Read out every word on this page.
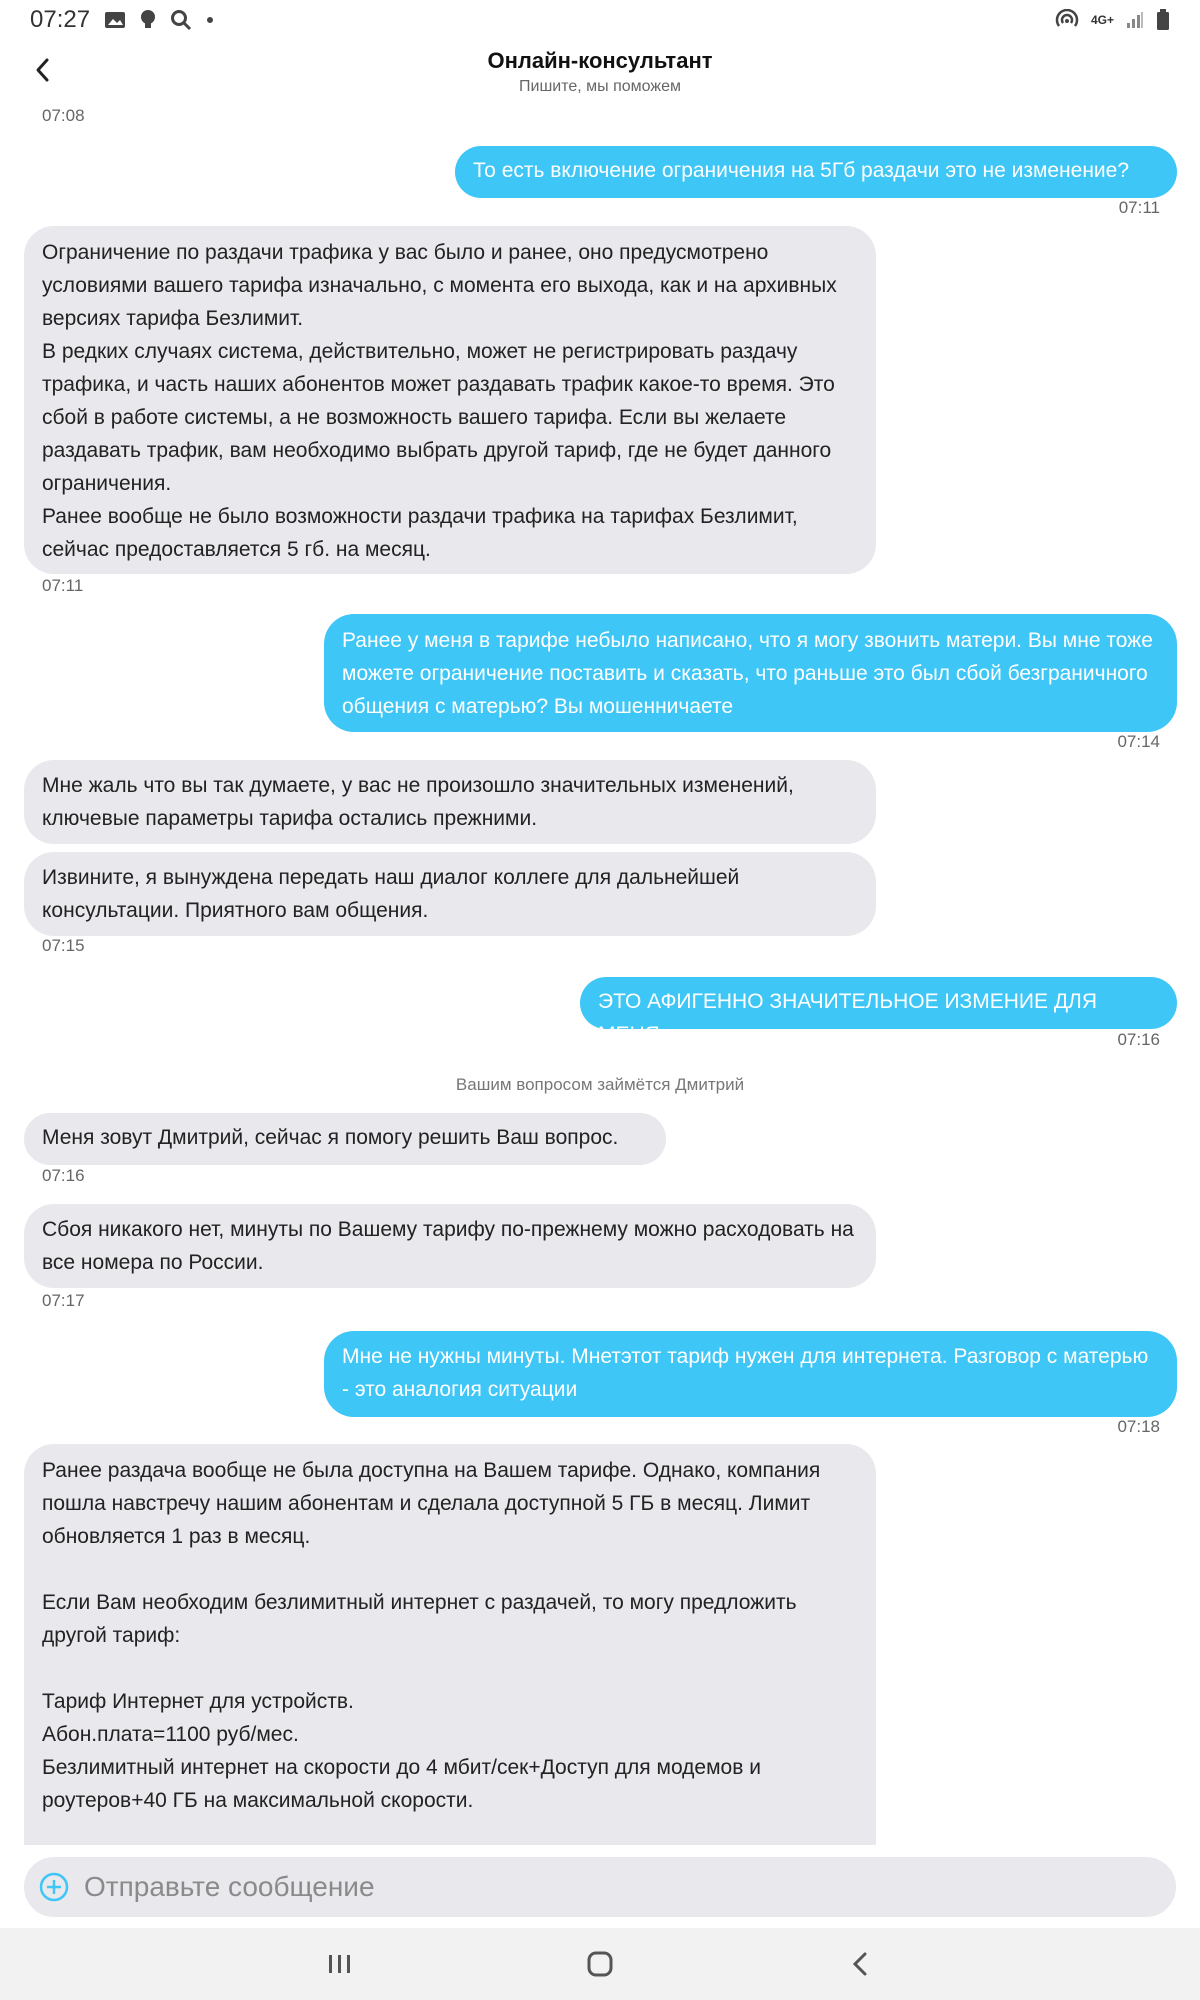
07:27	4G+
Онлайн-консультант
Пишите, мы поможем
07:08

То есть включение ограничения на 5Гб раздачи это не изменение?

07:11

Ограничение по раздачи трафика у вас было и ранее, оно предусмотрено условиями вашего тарифа изначально, с момента его выхода, как и на архивных версиях тарифа Безлимит.
В редких случаях система, действительно, может не регистрировать раздачу трафика, и часть наших абонентов может раздавать трафик какое-то время. Это сбой в работе системы, а не возможность вашего тарифа. Если вы желаете раздавать трафик, вам необходимо выбрать другой тариф, где не будет данного ограничения.
Ранее вообще не было возможности раздачи трафика на тарифах Безлимит, сейчас предоставляется 5 гб. на месяц.

07:11

Ранее у меня в тарифе небыло написано, что я могу звонить матери. Вы мне тоже можете ограничение поставить и сказать, что раньше это был сбой безграничного общения с матерью? Вы мошенничаете

07:14

Мне жаль что вы так думаете, у вас не произошло значительных изменений, ключевые параметры тарифа остались прежними.

Извините, я вынуждена передать наш диалог коллеге для дальнейшей консультации. Приятного вам общения.

07:15

ЭТО АФИГЕННО ЗНАЧИТЕЛЬНОЕ ИЗМЕНИЕ ДЛЯ МЕНЯ	07:16
Вашим вопросом займётся Дмитрий

Меня зовут Дмитрий, сейчас я помогу решить Ваш вопрос.

07:16

Сбоя никакого нет, минуты по Вашему тарифу по-прежнему можно расходовать на все номера по России.

07:17

Мне не нужны минуты. Мнетэтот тариф нужен для интернета. Разговор с матерью - это аналогия ситуации

07:18

Ранее раздача вообще не была доступна на Вашем тарифе. Однако, компания пошла навстречу нашим абонентам и сделала доступной 5 ГБ в месяц. Лимит обновляется 1 раз в месяц.

Если Вам необходим безлимитный интернет с раздачей, то могу предложить другой тариф:

Тариф Интернет для устройств.
Абон.плата=1100 руб/мес.
Безлимитный интернет на скорости до 4 мбит/сек+Доступ для модемов и роутеров+40 ГБ на максимальной скорости.

Отправьте сообщение
